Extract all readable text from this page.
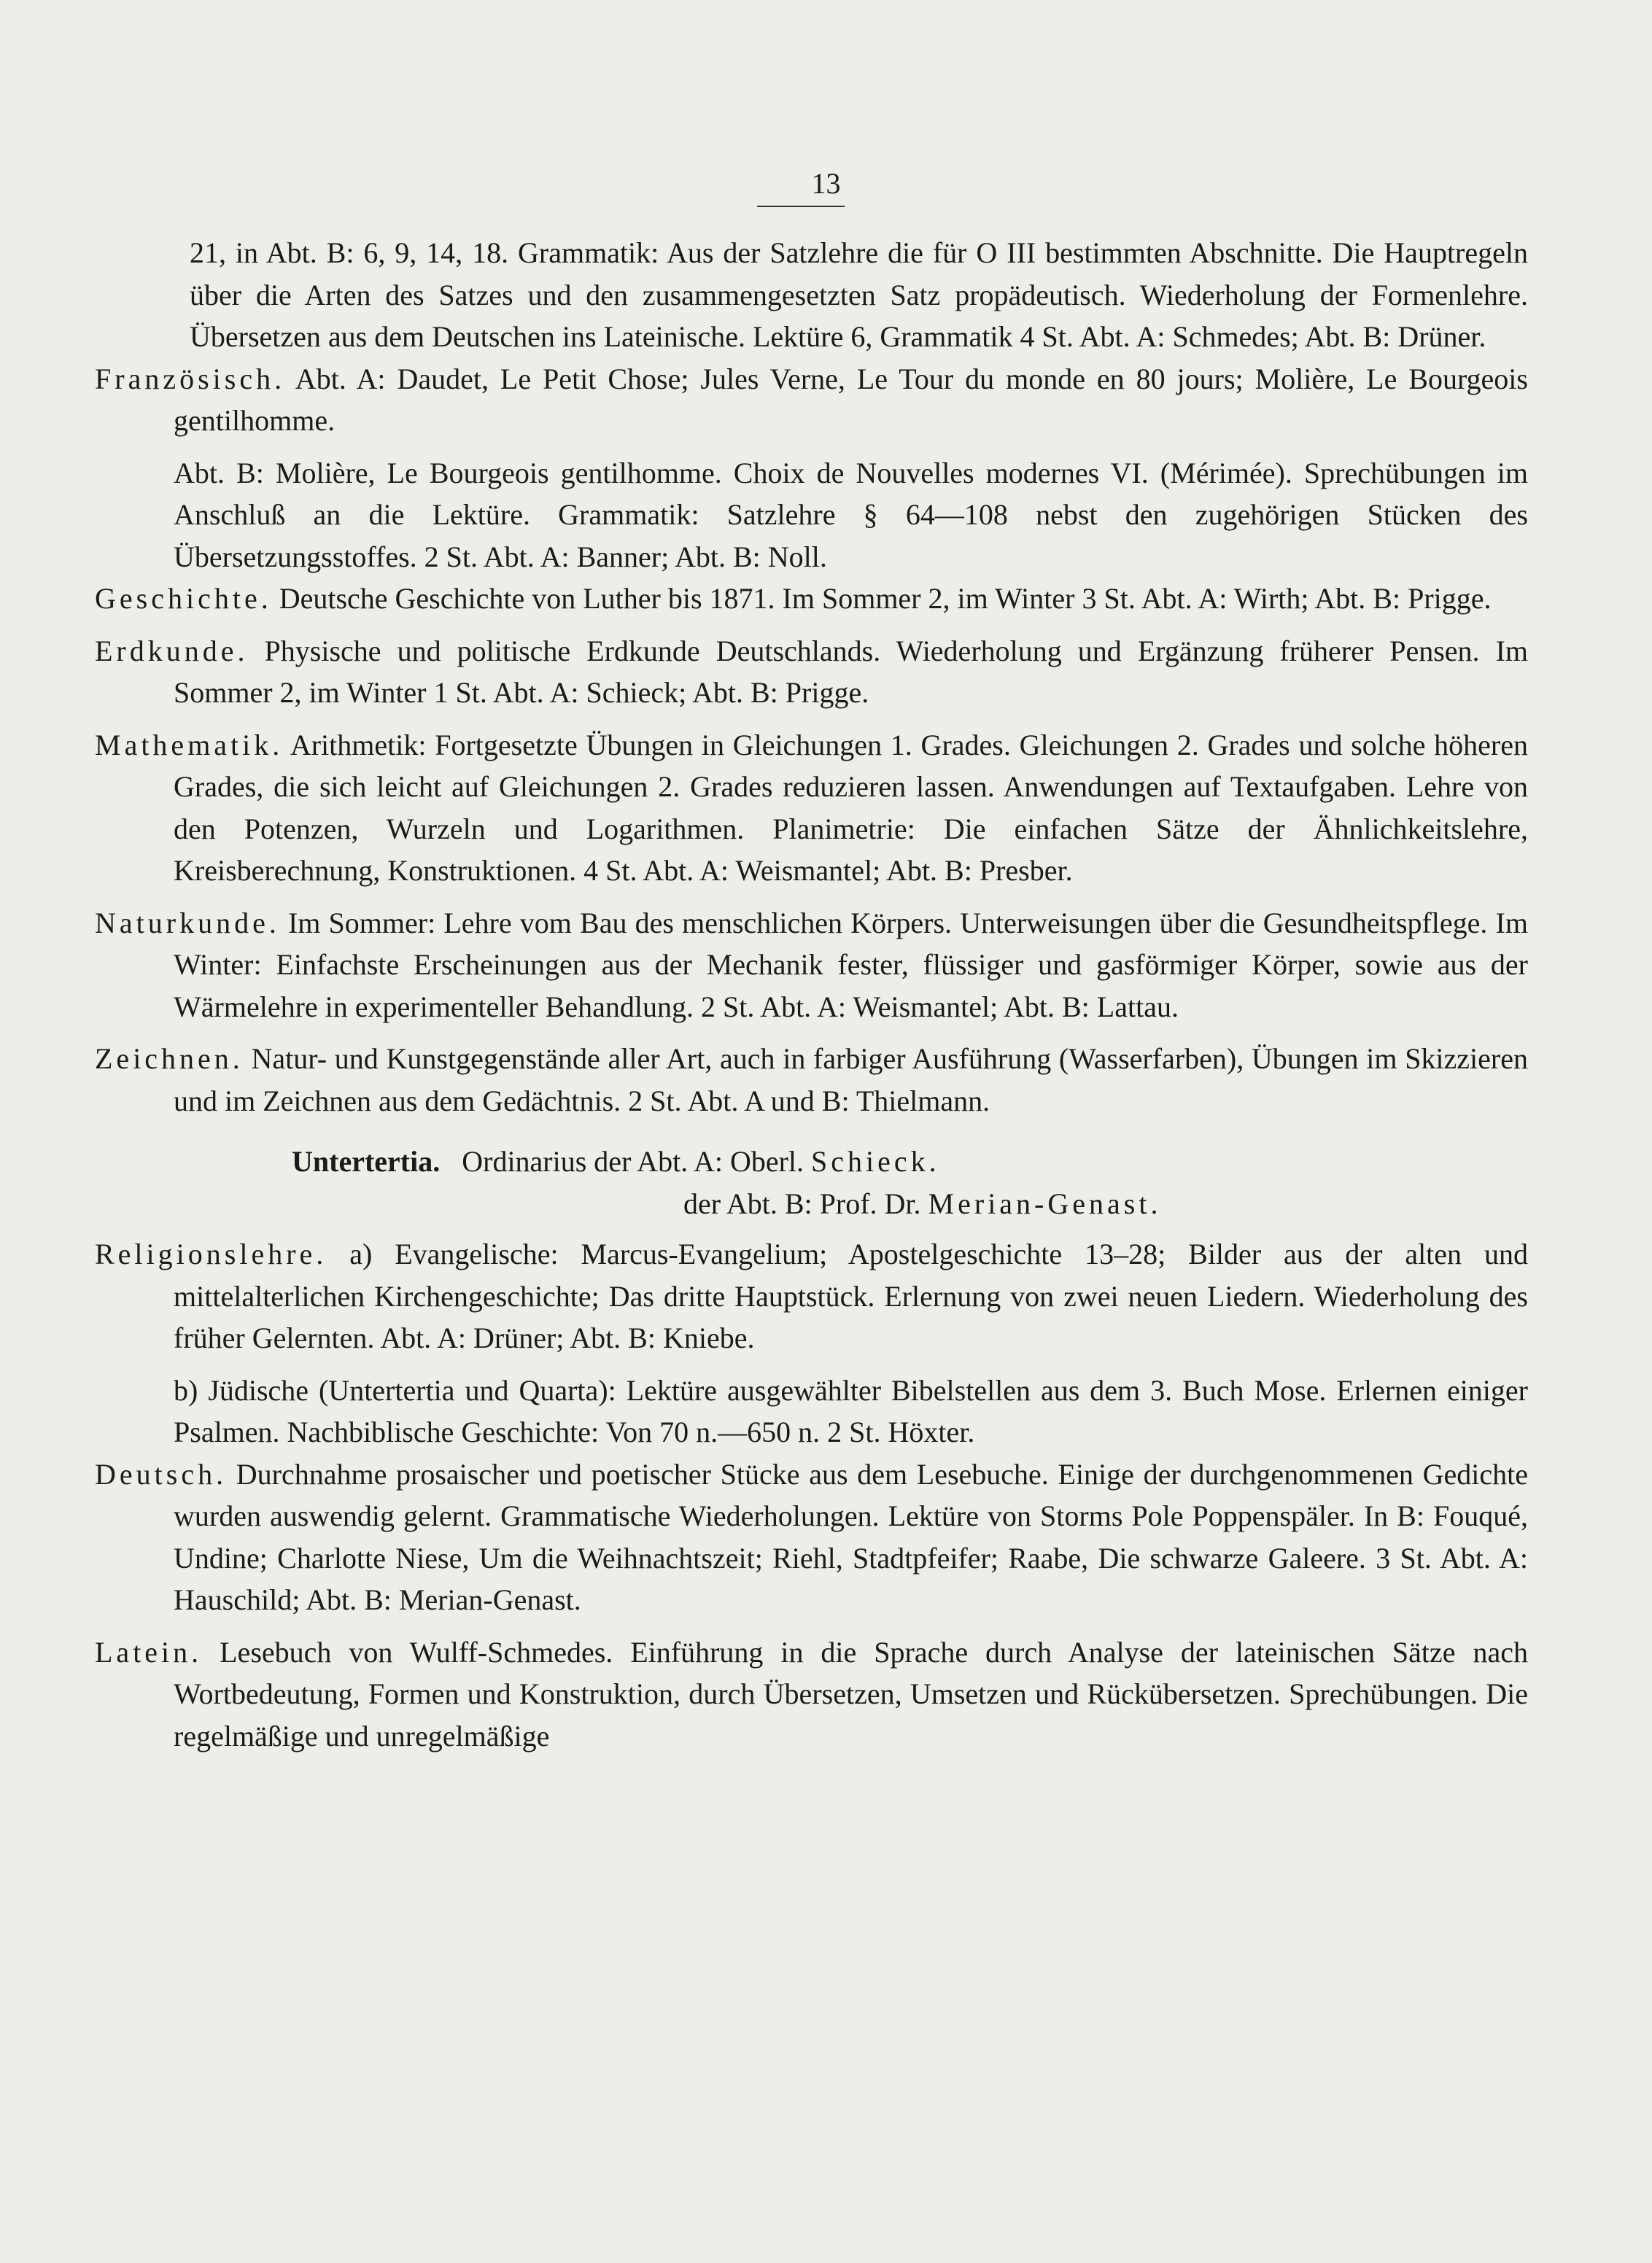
13

21, in Abt. B: 6, 9, 14, 18. Grammatik: Aus der Satzlehre die für O III bestimmten Abschnitte. Die Hauptregeln über die Arten des Satzes und den zusammengesetzten Satz propädeutisch. Wiederholung der Formenlehre. Übersetzen aus dem Deutschen ins Lateinische. Lektüre 6, Grammatik 4 St. Abt. A: Schmedes; Abt. B: Drüner.

Französisch. Abt. A: Daudet, Le Petit Chose; Jules Verne, Le Tour du monde en 80 jours; Molière, Le Bourgeois gentilhomme.

Abt. B: Molière, Le Bourgeois gentilhomme. Choix de Nouvelles modernes VI. (Mérimée). Sprechübungen im Anschluß an die Lektüre. Grammatik: Satzlehre § 64—108 nebst den zugehörigen Stücken des Übersetzungsstoffes. 2 St. Abt. A: Banner; Abt. B: Noll.

Geschichte. Deutsche Geschichte von Luther bis 1871. Im Sommer 2, im Winter 3 St. Abt. A: Wirth; Abt. B: Prigge.

Erdkunde. Physische und politische Erdkunde Deutschlands. Wiederholung und Ergänzung früherer Pensen. Im Sommer 2, im Winter 1 St. Abt. A: Schieck; Abt. B: Prigge.

Mathematik. Arithmetik: Fortgesetzte Übungen in Gleichungen 1. Grades. Gleichungen 2. Grades und solche höheren Grades, die sich leicht auf Gleichungen 2. Grades reduzieren lassen. Anwendungen auf Textaufgaben. Lehre von den Potenzen, Wurzeln und Logarithmen. Planimetrie: Die einfachen Sätze der Ähnlichkeitslehre, Kreisberechnung, Konstruktionen. 4 St. Abt. A: Weismantel; Abt. B: Presber.

Naturkunde. Im Sommer: Lehre vom Bau des menschlichen Körpers. Unterweisungen über die Gesundheitspflege. Im Winter: Einfachste Erscheinungen aus der Mechanik fester, flüssiger und gasförmiger Körper, sowie aus der Wärmelehre in experimenteller Behandlung. 2 St. Abt. A: Weismantel; Abt. B: Lattau.

Zeichnen. Natur- und Kunstgegenstände aller Art, auch in farbiger Ausführung (Wasserfarben), Übungen im Skizzieren und im Zeichnen aus dem Gedächtnis. 2 St. Abt. A und B: Thielmann.

Untertertia. Ordinarius der Abt. A: Oberl. Schieck.
der Abt. B: Prof. Dr. Merian-Genast.

Religionslehre. a) Evangelische: Marcus-Evangelium; Apostelgeschichte 13–28; Bilder aus der alten und mittelalterlichen Kirchengeschichte; Das dritte Hauptstück. Erlernung von zwei neuen Liedern. Wiederholung des früher Gelernten. Abt. A: Drüner; Abt. B: Kniebe.

b) Jüdische (Untertertia und Quarta): Lektüre ausgewählter Bibelstellen aus dem 3. Buch Mose. Erlernen einiger Psalmen. Nachbiblische Geschichte: Von 70 n.—650 n. 2 St. Höxter.

Deutsch. Durchnahme prosaischer und poetischer Stücke aus dem Lesebuche. Einige der durchgenommenen Gedichte wurden auswendig gelernt. Grammatische Wiederholungen. Lektüre von Storms Pole Poppenspäler. In B: Fouqué, Undine; Charlotte Niese, Um die Weihnachtszeit; Riehl, Stadtpfeifer; Raabe, Die schwarze Galeere. 3 St. Abt. A: Hauschild; Abt. B: Merian-Genast.

Latein. Lesebuch von Wulff-Schmedes. Einführung in die Sprache durch Analyse der lateinischen Sätze nach Wortbedeutung, Formen und Konstruktion, durch Übersetzen, Umsetzen und Rückübersetzen. Sprechübungen. Die regelmäßige und unregelmäßige
